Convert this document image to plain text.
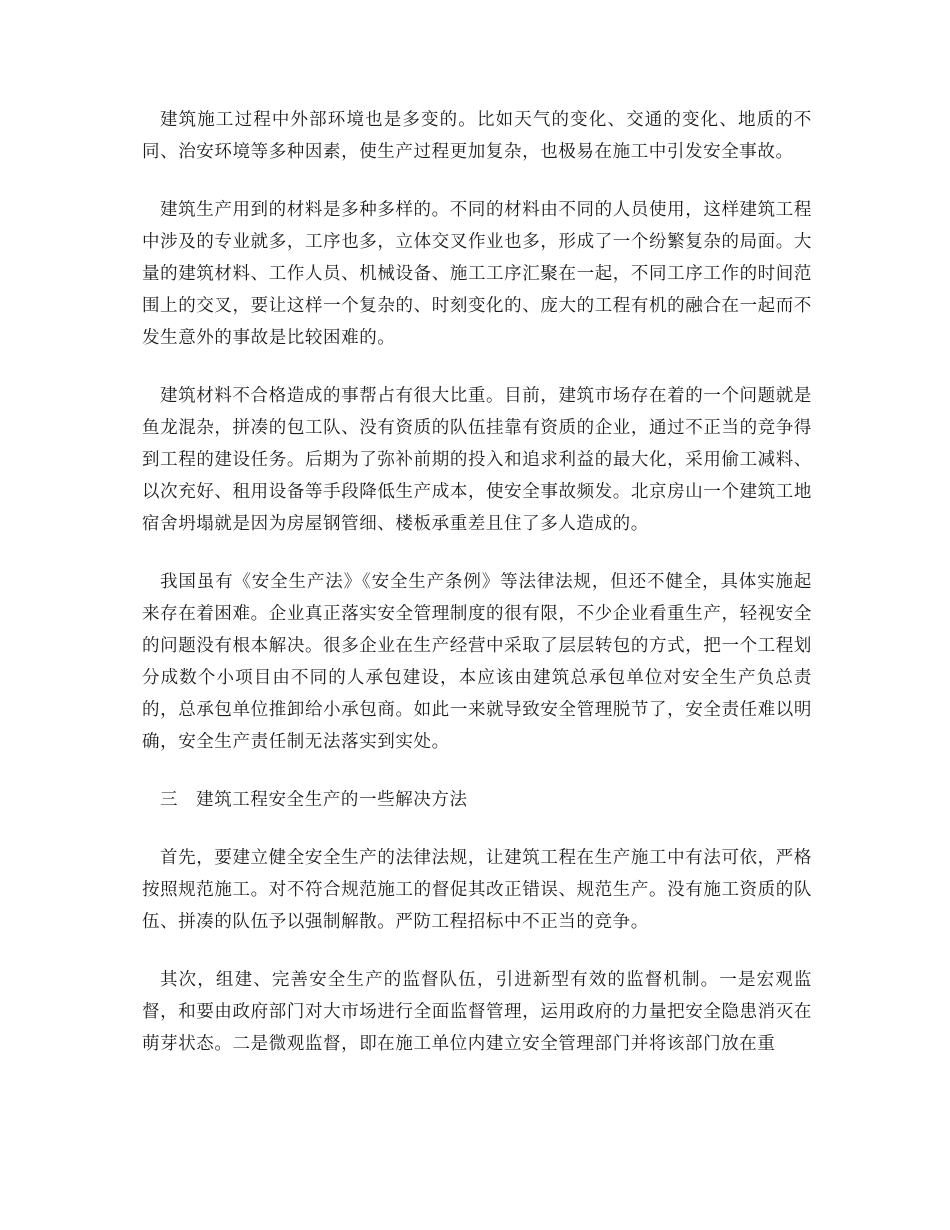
建筑施工过程中外部环境也是多变的。比如天气的变化、交通的变化、地质的不同、治安环境等多种因素，使生产过程更加复杂，也极易在施工中引发安全事故。

建筑生产用到的材料是多种多样的。不同的材料由不同的人员使用，这样建筑工程中涉及的专业就多，工序也多，立体交叉作业也多，形成了一个纷繁复杂的局面。大量的建筑材料、工作人员、机械设备、施工工序汇聚在一起，不同工序工作的时间范围上的交叉，要让这样一个复杂的、时刻变化的、庞大的工程有机的融合在一起而不发生意外的事故是比较困难的。

建筑材料不合格造成的事帮占有很大比重。目前，建筑市场存在着的一个问题就是鱼龙混杂，拼凑的包工队、没有资质的队伍挂靠有资质的企业，通过不正当的竞争得到工程的建设任务。后期为了弥补前期的投入和追求利益的最大化，采用偷工减料、以次充好、租用设备等手段降低生产成本，使安全事故频发。北京房山一个建筑工地宿舍坍塌就是因为房屋钢管细、楼板承重差且住了多人造成的。

我国虽有《安全生产法》《安全生产条例》等法律法规，但还不健全，具体实施起来存在着困难。企业真正落实安全管理制度的很有限，不少企业看重生产，轻视安全的问题没有根本解决。很多企业在生产经营中采取了层层转包的方式，把一个工程划分成数个小项目由不同的人承包建设，本应该由建筑总承包单位对安全生产负总责的，总承包单位推卸给小承包商。如此一来就导致安全管理脱节了，安全责任难以明确，安全生产责任制无法落实到实处。

三 建筑工程安全生产的一些解决方法

首先，要建立健全安全生产的法律法规，让建筑工程在生产施工中有法可依，严格按照规范施工。对不符合规范施工的督促其改正错误、规范生产。没有施工资质的队伍、拼凑的队伍予以强制解散。严防工程招标中不正当的竞争。

其次，组建、完善安全生产的监督队伍，引进新型有效的监督机制。一是宏观监督，和要由政府部门对大市场进行全面监督管理，运用政府的力量把安全隐患消灭在萌芽状态。二是微观监督，即在施工单位内建立安全管理部门并将该部门放在重
